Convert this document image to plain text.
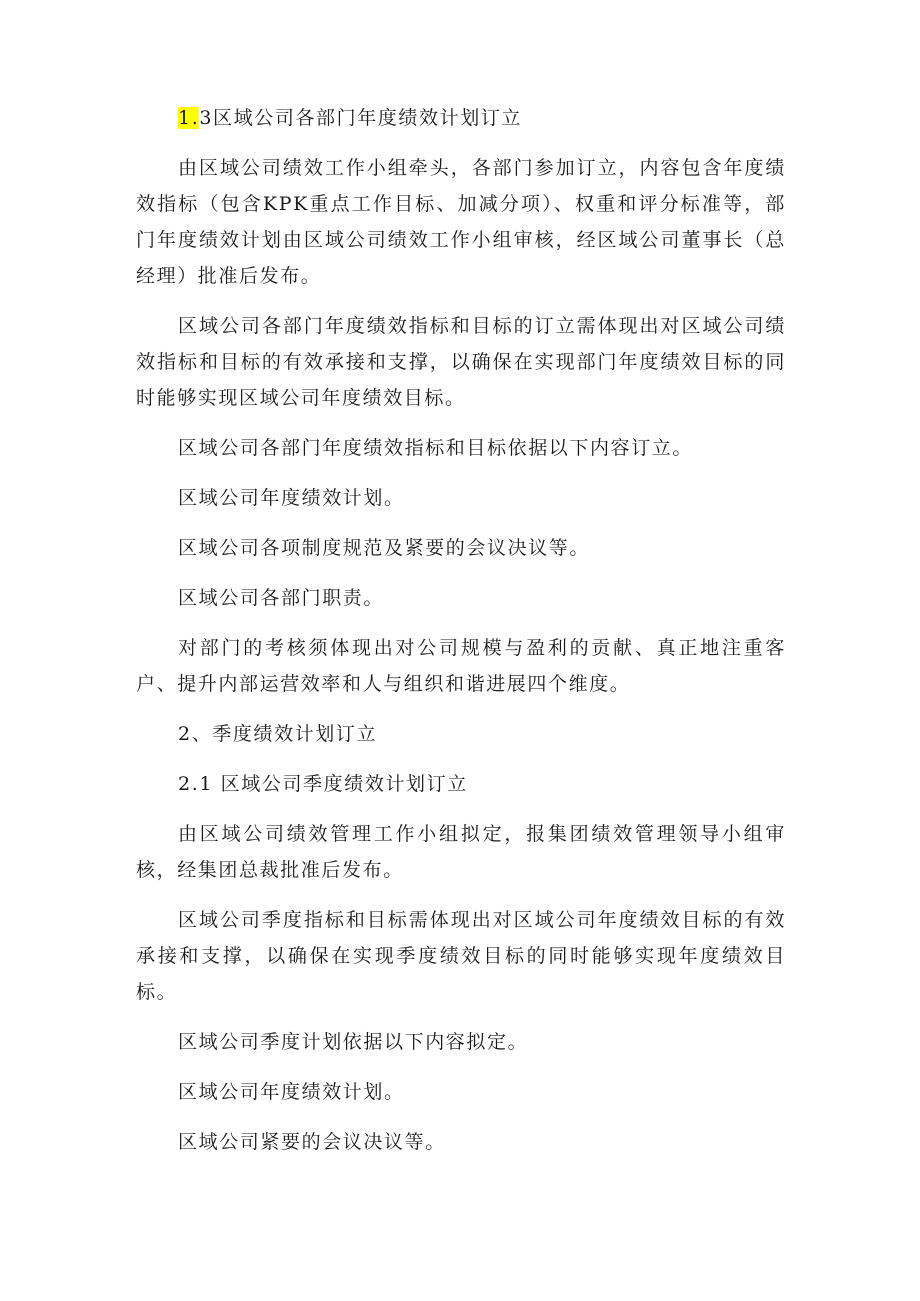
1.3区域公司各部门年度绩效计划订立

由区域公司绩效工作小组牵头，各部门参加订立，内容包含年度绩效指标（包含KPK重点工作目标、加减分项）、权重和评分标准等，部门年度绩效计划由区域公司绩效工作小组审核，经区域公司董事长（总经理）批准后发布。

区域公司各部门年度绩效指标和目标的订立需体现出对区域公司绩效指标和目标的有效承接和支撑，以确保在实现部门年度绩效目标的同时能够实现区域公司年度绩效目标。

区域公司各部门年度绩效指标和目标依据以下内容订立。

区域公司年度绩效计划。

区域公司各项制度规范及紧要的会议决议等。

区域公司各部门职责。

对部门的考核须体现出对公司规模与盈利的贡献、真正地注重客户、提升内部运营效率和人与组织和谐进展四个维度。

2、季度绩效计划订立

2.1 区域公司季度绩效计划订立

由区域公司绩效管理工作小组拟定，报集团绩效管理领导小组审核，经集团总裁批准后发布。

区域公司季度指标和目标需体现出对区域公司年度绩效目标的有效承接和支撑，以确保在实现季度绩效目标的同时能够实现年度绩效目标。

区域公司季度计划依据以下内容拟定。

区域公司年度绩效计划。

区域公司紧要的会议决议等。
